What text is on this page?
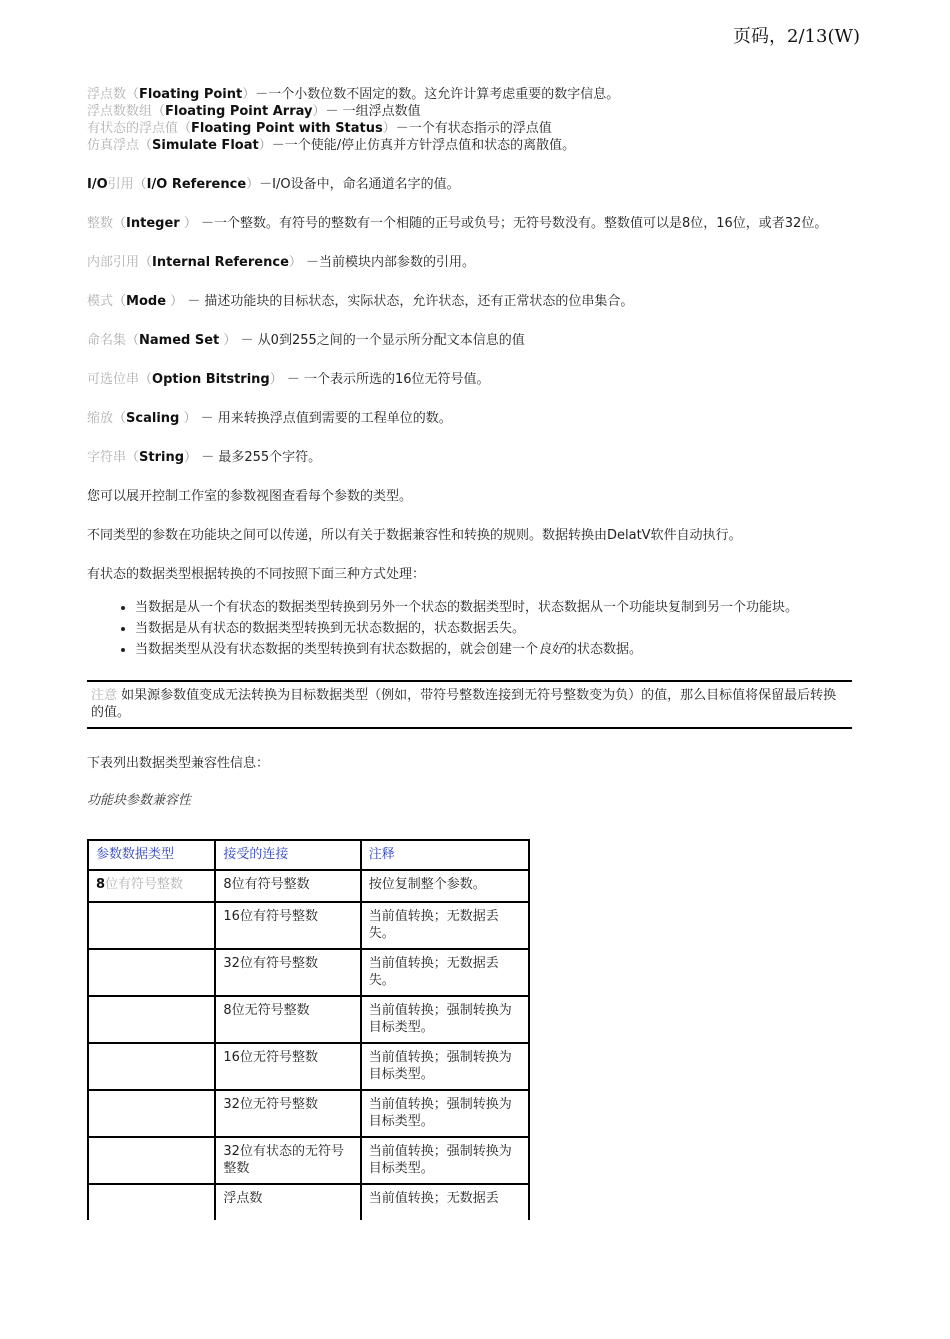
页码，2/13(W)
浮点数（Floating Point）－一个小数位数不固定的数。这允许计算考虑重要的数字信息。
浮点数数组（Floating Point Array）－ 一组浮点数值
有状态的浮点值（Floating Point with Status）－一个有状态指示的浮点值
仿真浮点（Simulate Float）－一个使能/停止仿真并方针浮点值和状态的离散值。
I/O引用（I/O Reference）－I/O设备中，命名通道名字的值。
整数（Integer ） －一个整数。有符号的整数有一个相随的正号或负号；无符号数没有。整数值可以是8位，16位，或者32位。
内部引用（Internal Reference） －当前模块内部参数的引用。
模式（Mode ） － 描述功能块的目标状态，实际状态，允许状态，还有正常状态的位串集合。
命名集（Named Set ） － 从0到255之间的一个显示所分配文本信息的值
可选位串（Option Bitstring） － 一个表示所选的16位无符号值。
缩放（Scaling ） － 用来转换浮点值到需要的工程单位的数。
字符串（String） － 最多255个字符。

您可以展开控制工作室的参数视图查看每个参数的类型。

不同类型的参数在功能块之间可以传递，所以有关于数据兼容性和转换的规则。数据转换由DelatV软件自动执行。

有状态的数据类型根据转换的不同按照下面三种方式处理：

• 当数据是从一个有状态的数据类型转换到另外一个状态的数据类型时，状态数据从一个功能块复制到另一个功能块。
• 当数据是从有状态的数据类型转换到无状态数据的，状态数据丢失。
• 当数据类型从没有状态数据的类型转换到有状态数据的，就会创建一个良好的状态数据。
注意 如果源参数值变成无法转换为目标数据类型（例如，带符号整数连接到无符号整数变为负）的值，那么目标值将保留最后转换的值。

下表列出数据类型兼容性信息：

功能块参数兼容性

参数数据类型	接受的连接	注释
8位有符号整数	8位有符号整数	按位复制整个参数。
	16位有符号整数	当前值转换；无数据丢失。
	32位有符号整数	当前值转换；无数据丢失。
	8位无符号整数	当前值转换；强制转换为目标类型。
	16位无符号整数	当前值转换；强制转换为目标类型。
	32位无符号整数	当前值转换；强制转换为目标类型。
	32位有状态的无符号整数	当前值转换；强制转换为目标类型。
	浮点数	当前值转换；无数据丢
